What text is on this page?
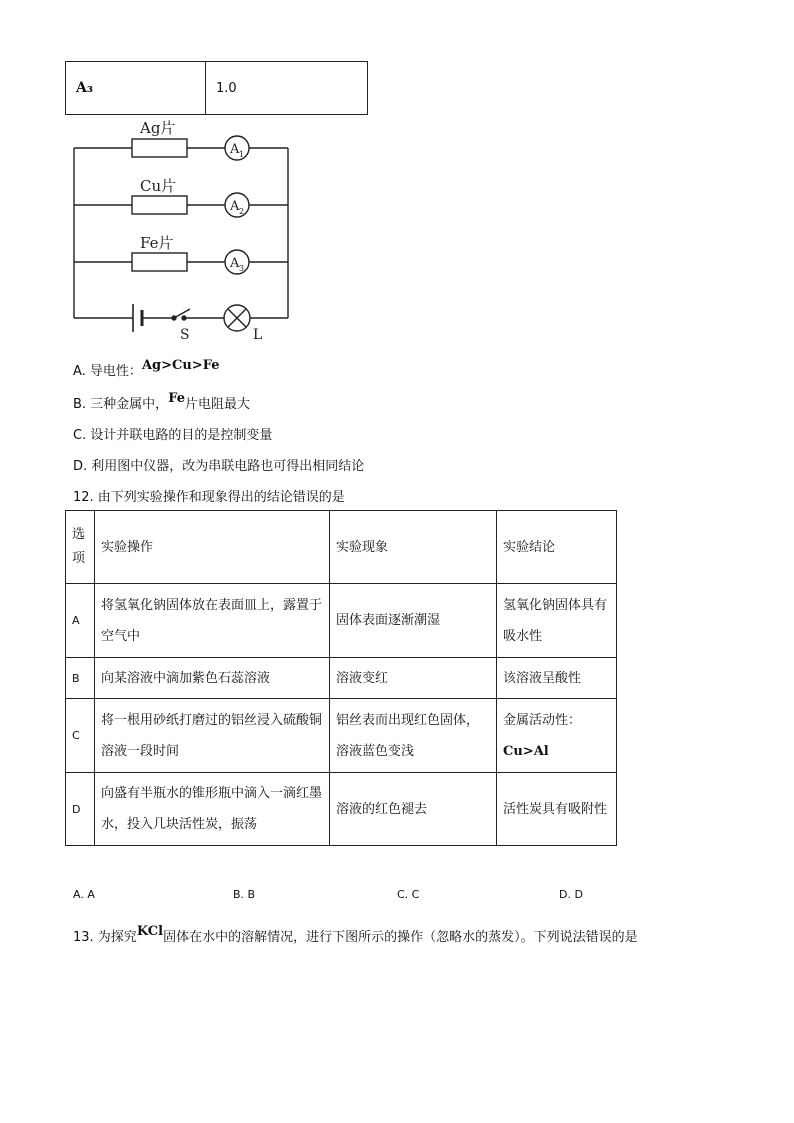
A₃	1.0
Ag片
Cu片
Fe片
A 1
A 2
A 3
S	L
A. 导电性：Ag>Cu>Fe
B. 三种金属中，Fe片电阻最大
C. 设计并联电路的目的是控制变量
D. 利用图中仪器，改为串联电路也可得出相同结论
12. 由下列实验操作和现象得出的结论错误的是
选项	实验操作	实验现象	实验结论
A	将氢氧化钠固体放在表面皿上，露置于空气中	固体表面逐渐潮湿	氢氧化钠固体具有吸水性
B	向某溶液中滴加紫色石蕊溶液	溶液变红	该溶液呈酸性
C	将一根用砂纸打磨过的铝丝浸入硫酸铜溶液一段时间	铝丝表而出现红色固体，溶液蓝色变浅	金属活动性：
Cu>Al
D	向盛有半瓶水的锥形瓶中滴入一滴红墨水，投入几块活性炭，振荡	溶液的红色褪去	活性炭具有吸附性
A. A	B. B	C. C	D. D
13. 为探究KCl固体在水中的溶解情况，进行下图所示的操作（忽略水的蒸发）。下列说法错误的是
